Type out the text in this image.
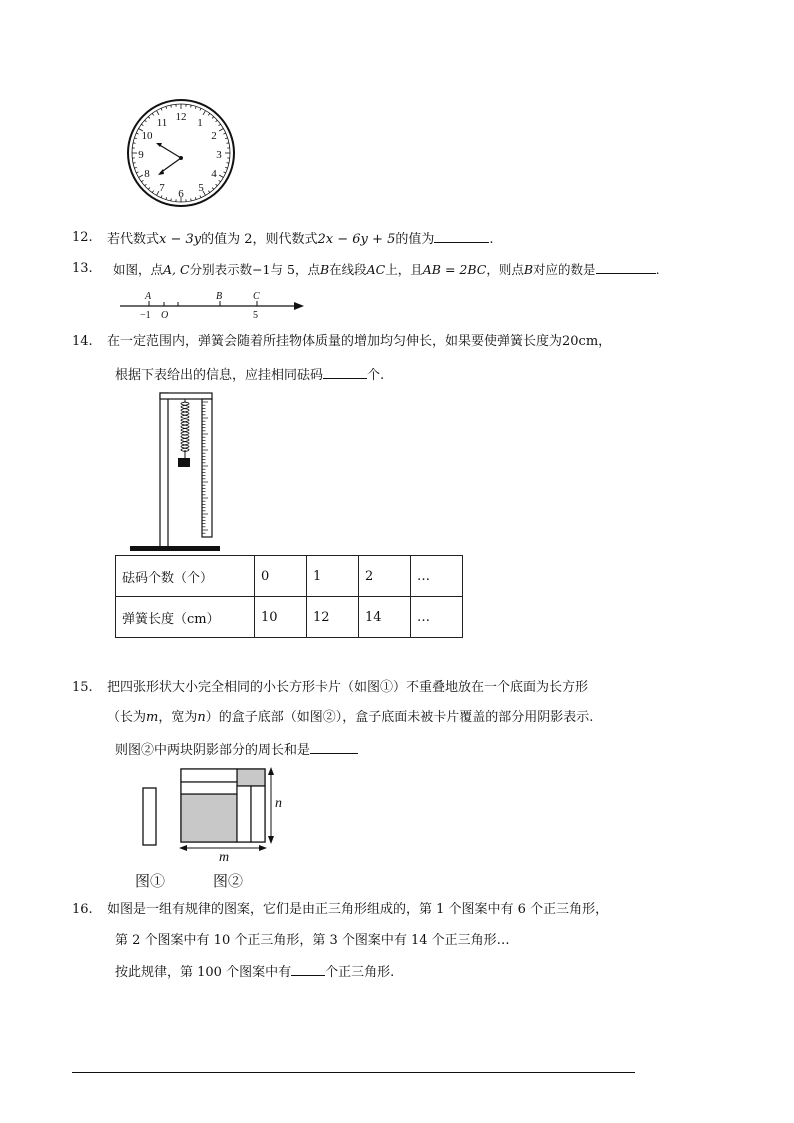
12 1
2
3
4
5
6
7
8
9
10
11
12. 若代数式x − 3y的值为 2，则代数式2x − 6y + 5的值为	.
13. 如图，点A, C分别表示数−1与 5，点B在线段AC上，且AB = 2BC，则点B对应的数是	.
A	B	C
O
−1	5
14. 在一定范围内，弹簧会随着所挂物体质量的增加均匀伸长，如果要使弹簧长度为20cm，
根据下表给出的信息，应挂相同砝码	个.
砝码个数（个）	0	1	2	…
弹簧长度（cm）	10	12	14	…
15. 把四张形状大小完全相同的小长方形卡片（如图①）不重叠地放在一个底面为长方形
（长为m，宽为n）的盒子底部（如图②），盒子底面未被卡片覆盖的部分用阴影表示.
则图②中两块阴影部分的周长和是
n
m
图①	图②
16. 如图是一组有规律的图案，它们是由正三角形组成的，第 1 个图案中有 6 个正三角形，
第 2 个图案中有 10 个正三角形，第 3 个图案中有 14 个正三角形…
按此规律，第 100 个图案中有	个正三角形.
